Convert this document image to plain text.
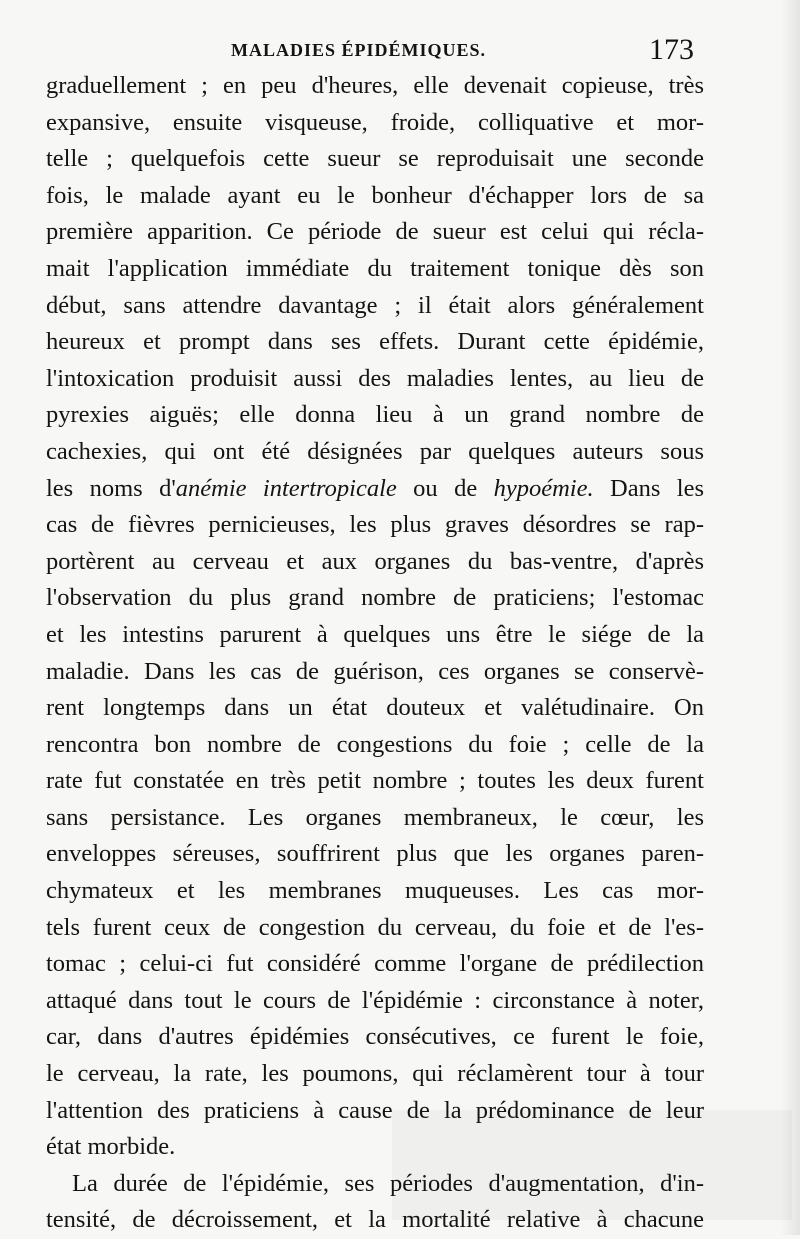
MALADIES ÉPIDÉMIQUES.	173
graduellement ; en peu d'heures, elle devenait copieuse, très
expansive, ensuite visqueuse, froide, colliquative et mor-
telle ; quelquefois cette sueur se reproduisait une seconde
fois, le malade ayant eu le bonheur d'échapper lors de sa
première apparition. Ce période de sueur est celui qui récla-
mait l'application immédiate du traitement tonique dès son
début, sans attendre davantage ; il était alors généralement
heureux et prompt dans ses effets. Durant cette épidémie,
l'intoxication produisit aussi des maladies lentes, au lieu de
pyrexies aiguës; elle donna lieu à un grand nombre de
cachexies, qui ont été désignées par quelques auteurs sous
les noms d'anémie intertropicale ou de hypoémie. Dans les
cas de fièvres pernicieuses, les plus graves désordres se rap-
portèrent au cerveau et aux organes du bas-ventre, d'après
l'observation du plus grand nombre de praticiens; l'estomac
et les intestins parurent à quelques uns être le siége de la
maladie. Dans les cas de guérison, ces organes se conservè-
rent longtemps dans un état douteux et valétudinaire. On
rencontra bon nombre de congestions du foie ; celle de la
rate fut constatée en très petit nombre ; toutes les deux furent
sans persistance. Les organes membraneux, le cœur, les
enveloppes séreuses, souffrirent plus que les organes paren-
chymateux et les membranes muqueuses. Les cas mor-
tels furent ceux de congestion du cerveau, du foie et de l'es-
tomac ; celui-ci fut considéré comme l'organe de prédilection
attaqué dans tout le cours de l'épidémie : circonstance à noter,
car, dans d'autres épidémies consécutives, ce furent le foie,
le cerveau, la rate, les poumons, qui réclamèrent tour à tour
l'attention des praticiens à cause de la prédominance de leur
état morbide.
La durée de l'épidémie, ses périodes d'augmentation, d'in-
tensité, de décroissement, et la mortalité relative à chacune
